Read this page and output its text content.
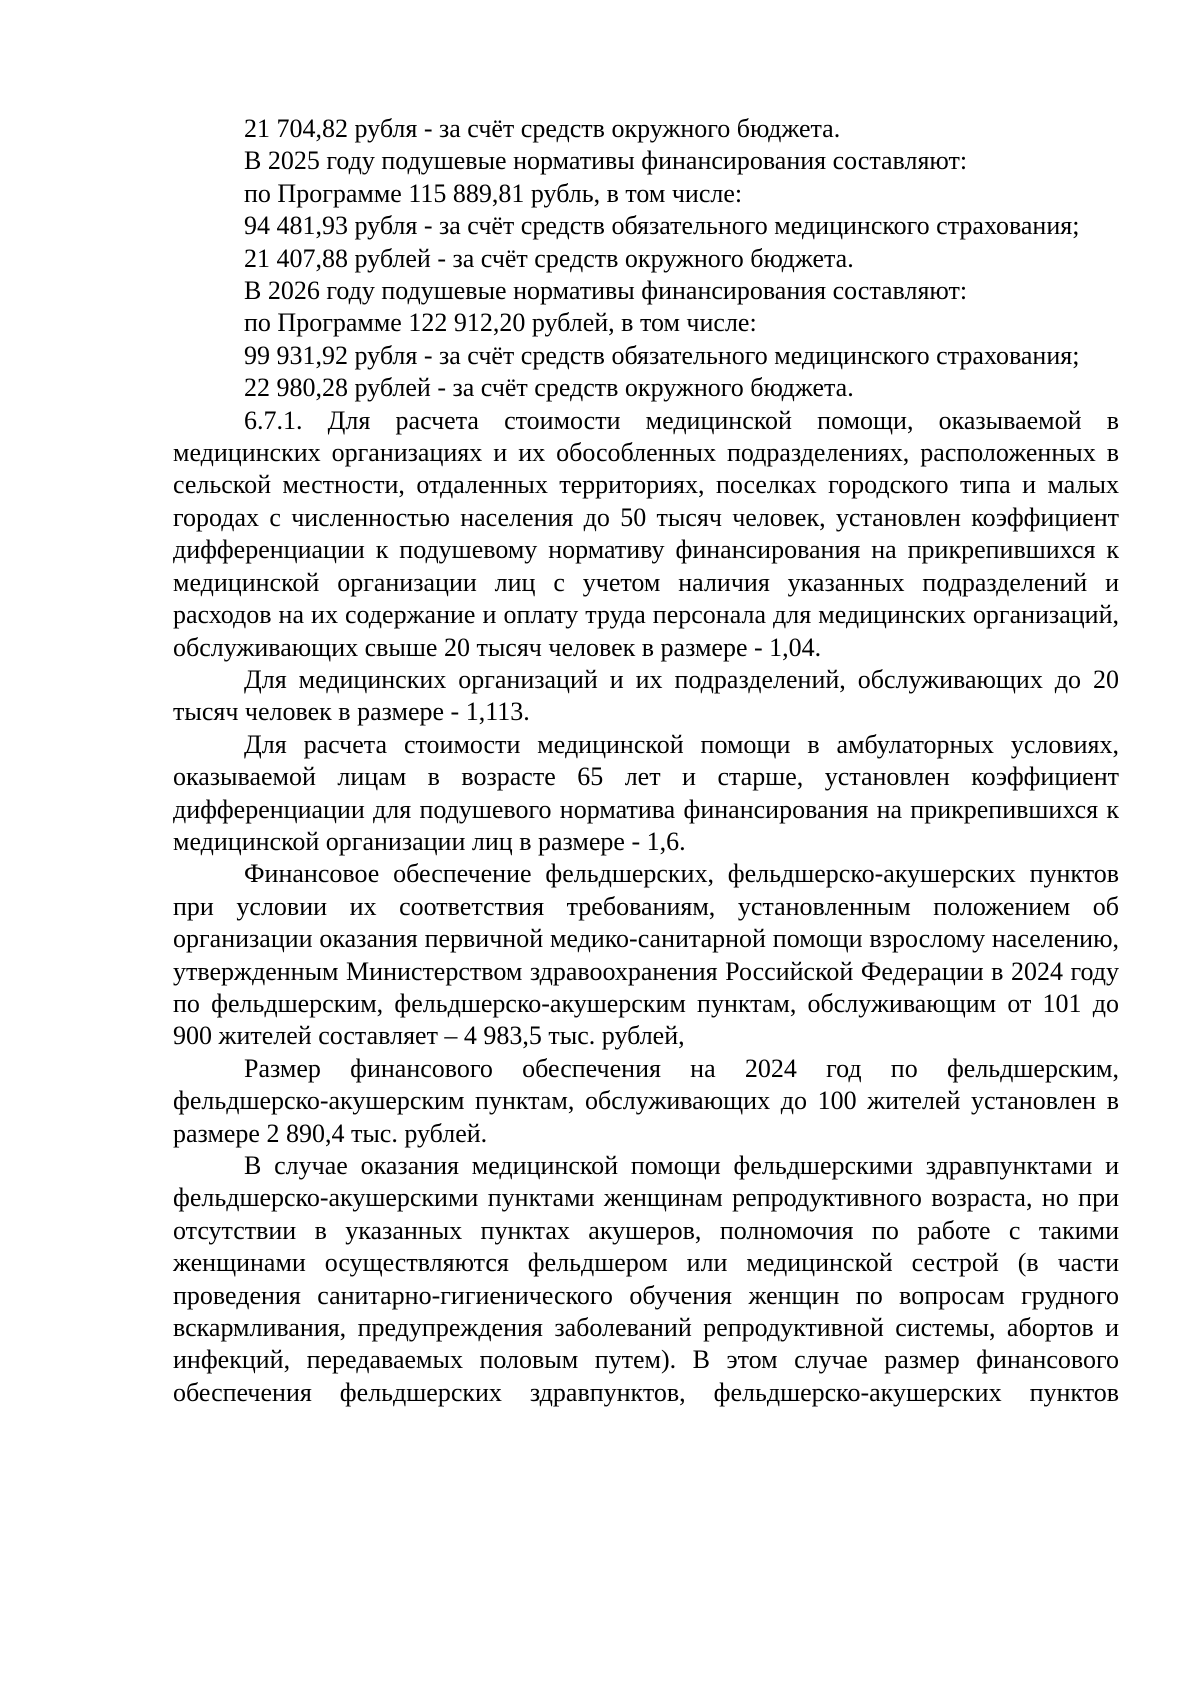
21 704,82 рубля - за счёт средств окружного бюджета.

В 2025 году подушевые нормативы финансирования составляют:

по Программе 115 889,81 рубль, в том числе:

94 481,93 рубля - за счёт средств обязательного медицинского страхования;

21 407,88 рублей - за счёт средств окружного бюджета.

В 2026 году подушевые нормативы финансирования составляют:

по Программе 122 912,20 рублей, в том числе:

99 931,92 рубля - за счёт средств обязательного медицинского страхования;

22 980,28 рублей - за счёт средств окружного бюджета.

6.7.1. Для расчета стоимости медицинской помощи, оказываемой в медицинских организациях и их обособленных подразделениях, расположенных в сельской местности, отдаленных территориях, поселках городского типа и малых городах с численностью населения до 50 тысяч человек, установлен коэффициент дифференциации к подушевому нормативу финансирования на прикрепившихся к медицинской организации лиц с учетом наличия указанных подразделений и расходов на их содержание и оплату труда персонала для медицинских организаций, обслуживающих свыше 20 тысяч человек в размере - 1,04.

Для медицинских организаций и их подразделений, обслуживающих до 20 тысяч человек в размере - 1,113.

Для расчета стоимости медицинской помощи в амбулаторных условиях, оказываемой лицам в возрасте 65 лет и старше, установлен коэффициент дифференциации для подушевого норматива финансирования на прикрепившихся к медицинской организации лиц в размере - 1,6.

Финансовое обеспечение фельдшерских, фельдшерско-акушерских пунктов при условии их соответствия требованиям, установленным положением об организации оказания первичной медико-санитарной помощи взрослому населению, утвержденным Министерством здравоохранения Российской Федерации в 2024 году по фельдшерским, фельдшерско-акушерским пунктам, обслуживающим от 101 до 900 жителей составляет – 4 983,5 тыс. рублей,

Размер финансового обеспечения на 2024 год по фельдшерским, фельдшерско-акушерским пунктам, обслуживающих до 100 жителей установлен в размере 2 890,4 тыс. рублей.

В случае оказания медицинской помощи фельдшерскими здравпунктами и фельдшерско-акушерскими пунктами женщинам репродуктивного возраста, но при отсутствии в указанных пунктах акушеров, полномочия по работе с такими женщинами осуществляются фельдшером или медицинской сестрой (в части проведения санитарно-гигиенического обучения женщин по вопросам грудного вскармливания, предупреждения заболеваний репродуктивной системы, абортов и инфекций, передаваемых половым путем). В этом случае размер финансового обеспечения фельдшерских здравпунктов, фельдшерско-акушерских пунктов
